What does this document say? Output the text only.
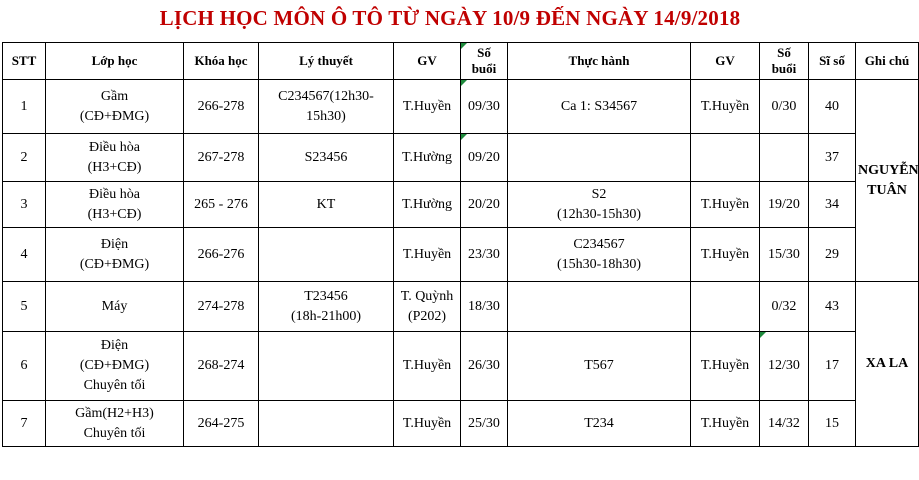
LỊCH HỌC MÔN Ô TÔ TỪ NGÀY 10/9 ĐẾN NGÀY 14/9/2018
STT	Lớp học	Khóa học	Lý thuyết	GV	Số
buổi	Thực hành	GV	Số
buổi	Sĩ số	Ghi chú
1	Gầm
(CĐ+ĐMG)	266-278	C234567(12h30-
15h30)	T.Huyền	09/30	Ca 1: S34567	T.Huyền	0/30	40	NGUYỄN
TUÂN
2	Điều hòa
(H3+CĐ)	267-278	S23456	T.Hường	09/20				37	
3	Điều hòa
(H3+CĐ)	265 - 276	KT	T.Hường	20/20	S2
(12h30-15h30)	T.Huyền	19/20	34	
4	Điện
(CĐ+ĐMG)	266-276		T.Huyền	23/30	C234567
(15h30-18h30)	T.Huyền	15/30	29	
5	Máy	274-278	T23456
(18h-21h00)	T. Quỳnh
(P202)	18/30			0/32	43	XA LA
6	Điện
(CĐ+ĐMG)
Chuyên tối	268-274		T.Huyền	26/30	T567	T.Huyền	12/30	17	
7	Gầm(H2+H3)
Chuyên tối	264-275		T.Huyền	25/30	T234	T.Huyền	14/32	15	
